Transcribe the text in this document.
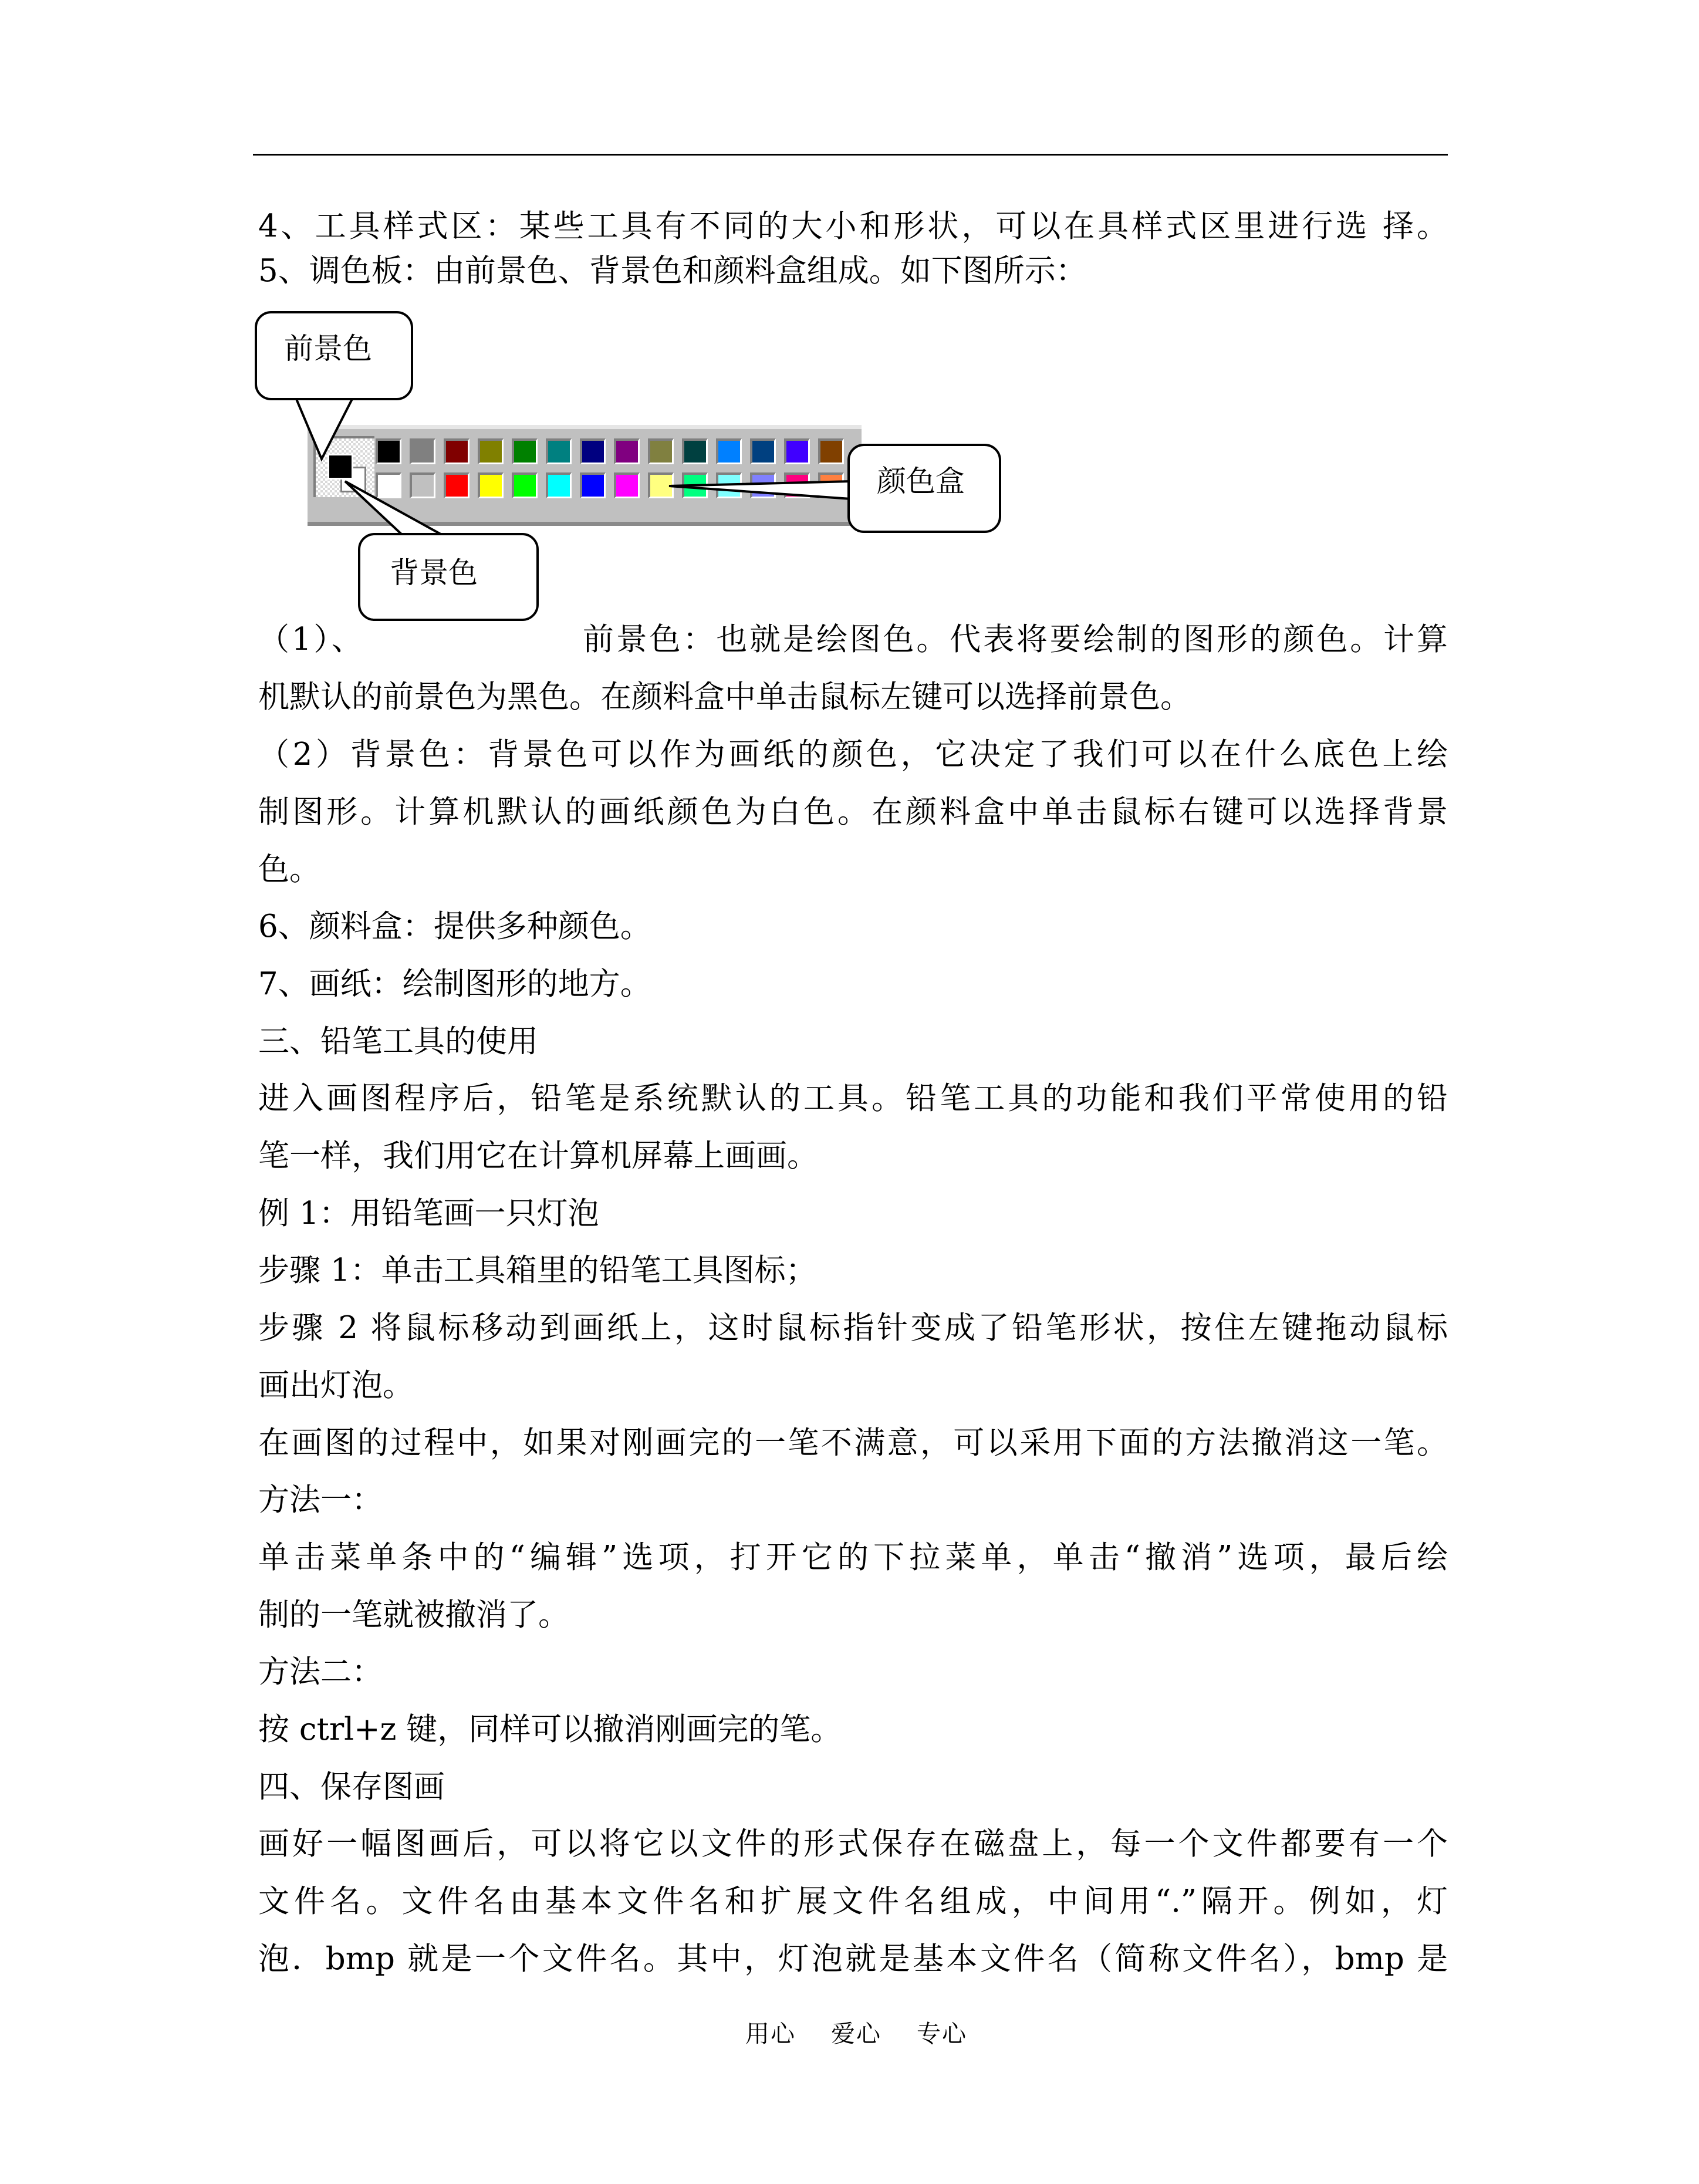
4、工具样式区：某些工具有不同的大小和形状，可以在具样式区里进行选 择。
5、调色板：由前景色、背景色和颜料盒组成。如下图所示：
前景色
背景色
颜色盒
（1）、　　　　　　　前景色：也就是绘图色。代表将要绘制的图形的颜色。计算
机默认的前景色为黑色。在颜料盒中单击鼠标左键可以选择前景色。
（2）背景色：背景色可以作为画纸的颜色，它决定了我们可以在什么底色上绘
制图形。计算机默认的画纸颜色为白色。在颜料盒中单击鼠标右键可以选择背景
色。
6、颜料盒：提供多种颜色。
7、画纸：绘制图形的地方。
三、铅笔工具的使用
进入画图程序后，铅笔是系统默认的工具。铅笔工具的功能和我们平常使用的铅
笔一样，我们用它在计算机屏幕上画画。
例 1：用铅笔画一只灯泡
步骤 1：单击工具箱里的铅笔工具图标；
步骤 2 将鼠标移动到画纸上，这时鼠标指针变成了铅笔形状，按住左键拖动鼠标
画出灯泡。
在画图的过程中，如果对刚画完的一笔不满意，可以采用下面的方法撤消这一笔。
方法一：
单击菜单条中的“编辑”选项，打开它的下拉菜单，单击“撤消”选项，最后绘
制的一笔就被撤消了。
方法二：
按 ctrl+z 键，同样可以撤消刚画完的笔。
四、保存图画
画好一幅图画后，可以将它以文件的形式保存在磁盘上，每一个文件都要有一个
文件名。文件名由基本文件名和扩展文件名组成，中间用“.”隔开。例如，灯
泡．bmp 就是一个文件名。其中，灯泡就是基本文件名（简称文件名），bmp 是
用心 爱心 专心
